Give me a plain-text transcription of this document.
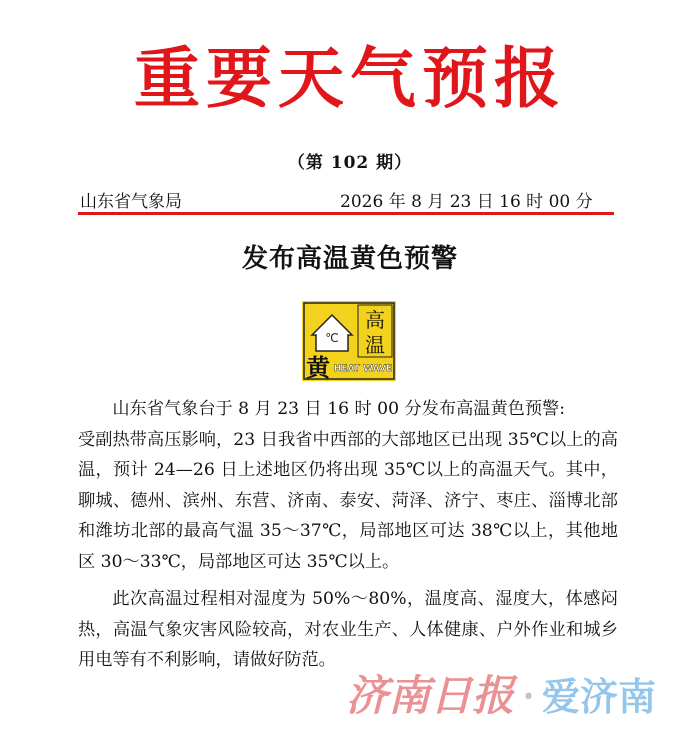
重要天气预报
（第 102 期）
山东省气象局	2026 年 8 月 23 日 16 时 00 分
发布高温黄色预警
℃
高
温
黄 HEAT WAVE

山东省气象台于 8 月 23 日 16 时 00 分发布高温黄色预警:

受副热带高压影响，23 日我省中西部的大部地区已出现 35℃以上的高温，预计 24—26 日上述地区仍将出现 35℃以上的高温天气。其中，聊城、德州、滨州、东营、济南、泰安、菏泽、济宁、枣庄、淄博北部和潍坊北部的最高气温 35～37℃，局部地区可达 38℃以上，其他地区 30～33℃，局部地区可达 35℃以上。

此次高温过程相对湿度为 50%～80%，温度高、湿度大，体感闷热，高温气象灾害风险较高，对农业生产、人体健康、户外作业和城乡用电等有不利影响，请做好防范。

济南日报 • 爱济南
